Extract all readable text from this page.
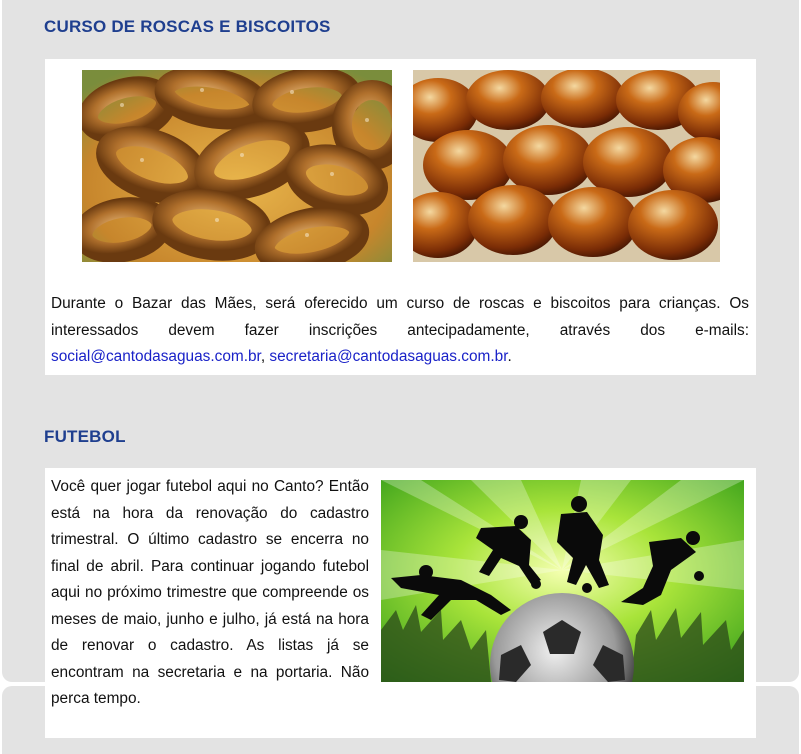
CURSO DE ROSCAS E BISCOITOS

Durante o Bazar das Mães, será oferecido um curso de roscas e biscoitos para crianças. Os interessados devem fazer inscrições antecipadamente, através dos e-mails: social@cantodasaguas.com.br, secretaria@cantodasaguas.com.br.

FUTEBOL

Você quer jogar futebol aqui no Canto? Então está na hora da renovação do cadastro trimestral. O último cadastro se encerra no final de abril. Para continuar jogando futebol aqui no próximo trimestre que compreende os meses de maio, junho e julho, já está na hora de renovar o cadastro. As listas já se encontram na secretaria e na portaria. Não perca tempo.
